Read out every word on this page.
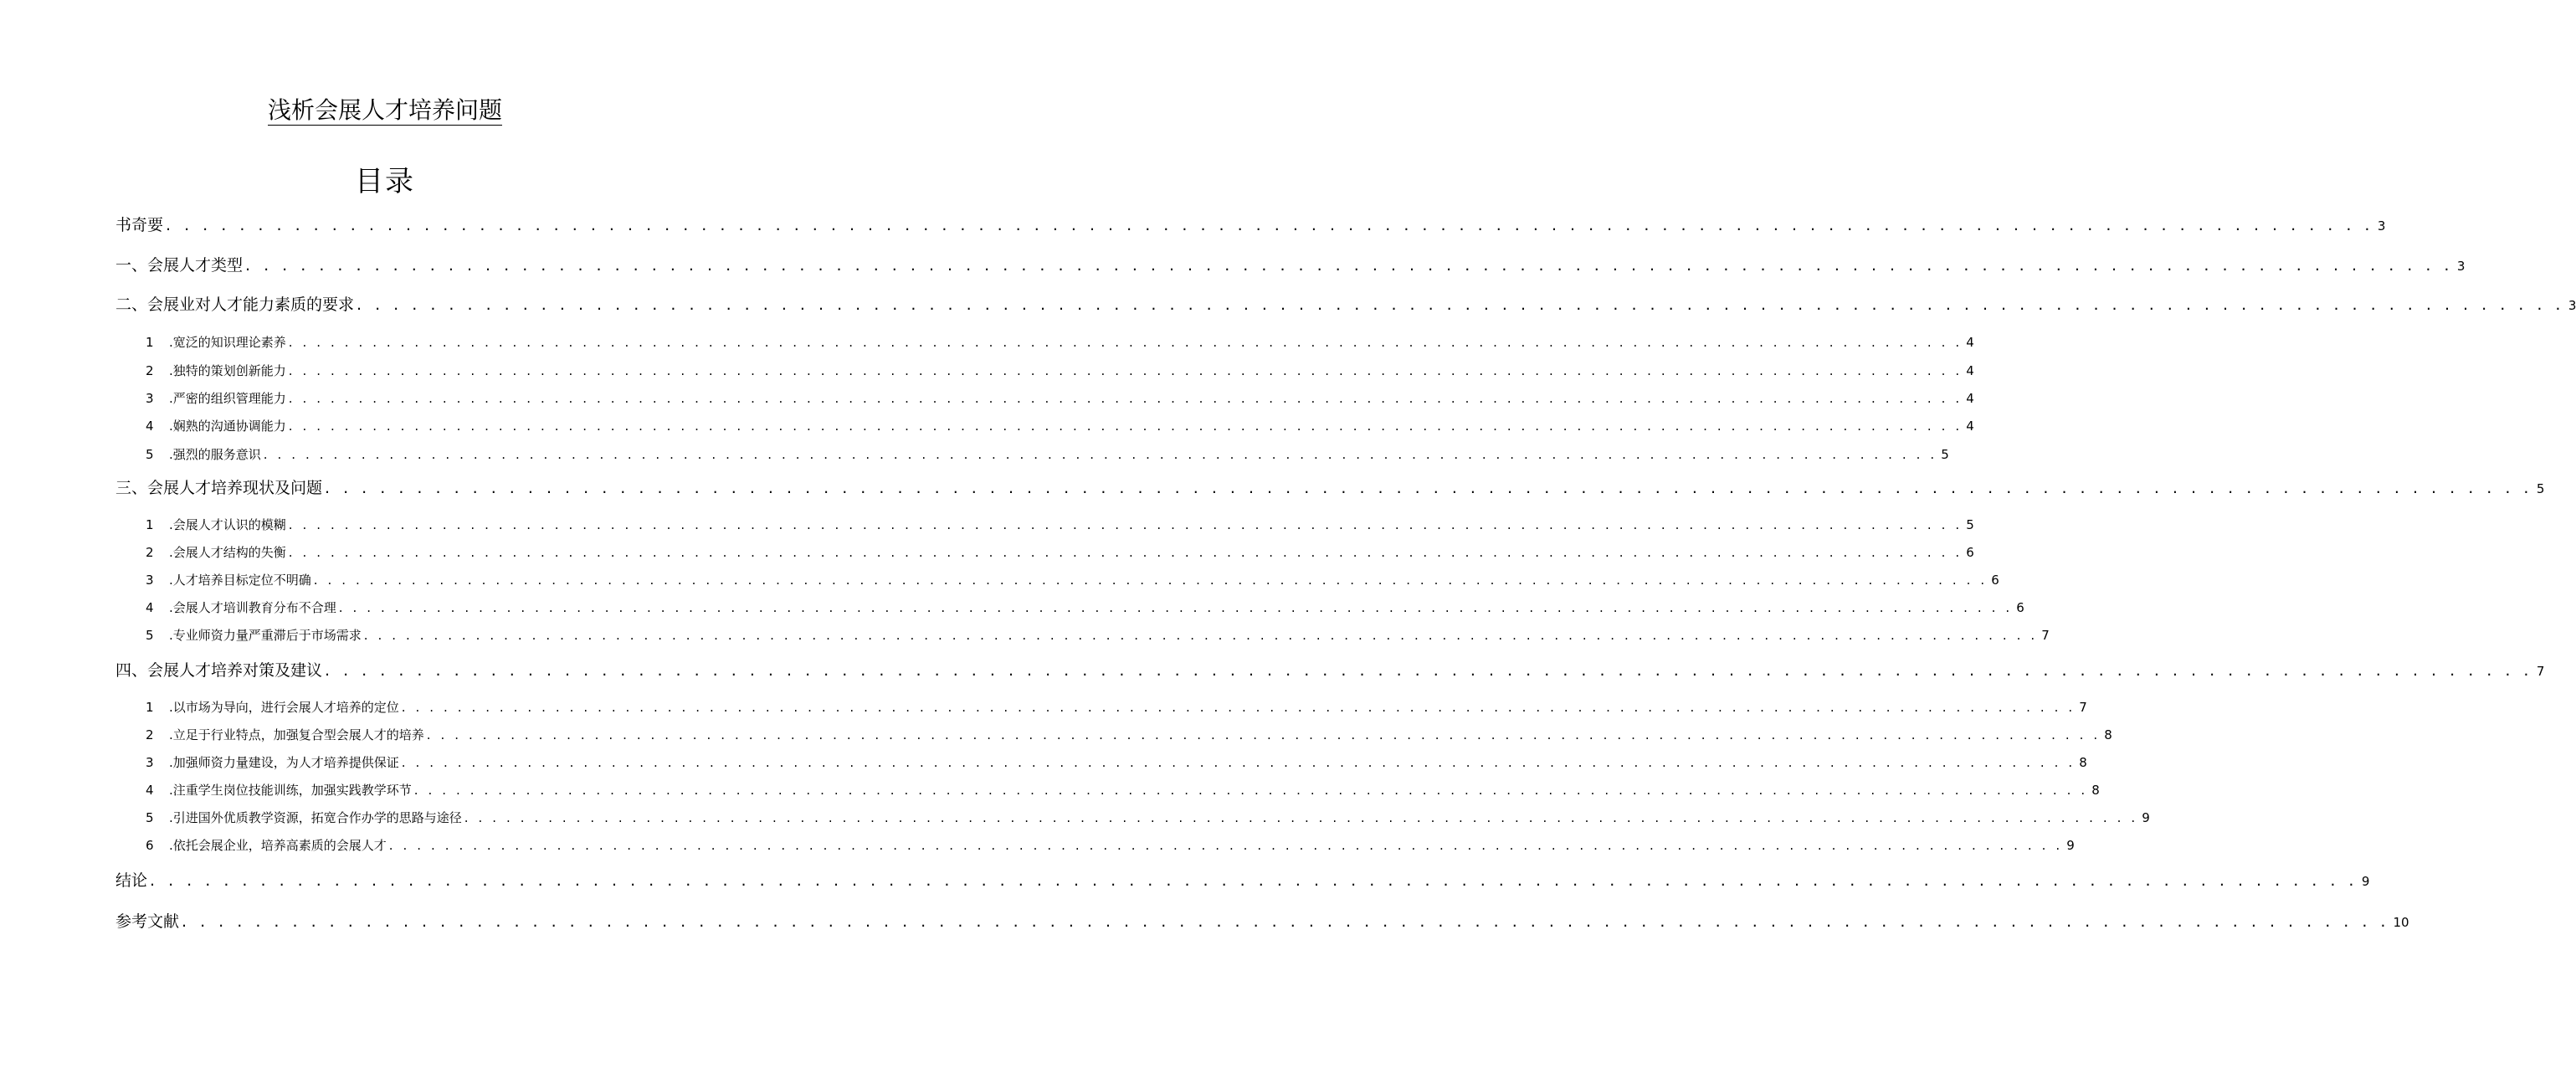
浅析会展人才培养问题
目录
书奇要 . . . . . . . . . . . . . . . . . . . . . . . . . . . . . . . . . . . . . . . . . . . . . . . . . . . . . . . . . . . . . . . . . . . . . . . . . . . . . . . . . . . . . . . . . . . . . . . . . . . . . . . . . . . . . . . . . . . . . . . . 3
一、会展人才类型 . . . . . . . . . . . . . . . . . . . . . . . . . . . . . . . . . . . . . . . . . . . . . . . . . . . . . . . . . . . . . . . . . . . . . . . . . . . . . . . . . . . . . . . . . . . . . . . . . . . . . . . . . . . . . . . . . . . . . . . . 3
二、会展业对人才能力素质的要求 . . . . . . . . . . . . . . . . . . . . . . . . . . . . . . . . . . . . . . . . . . . . . . . . . . . . . . . . . . . . . . . . . . . . . . . . . . . . . . . . . . . . . . . . . . . . . . . . . . . . . . . . . . . . . . . . . . . . . . . . 3
1	.宽泛的知识理论素养 . . . . . . . . . . . . . . . . . . . . . . . . . . . . . . . . . . . . . . . . . . . . . . . . . . . . . . . . . . . . . . . . . . . . . . . . . . . . . . . . . . . . . . . . . . . . . . . . . . . . . . . . . . . . . . . . . . . . . . . . 4
2	.独特的策划创新能力 . . . . . . . . . . . . . . . . . . . . . . . . . . . . . . . . . . . . . . . . . . . . . . . . . . . . . . . . . . . . . . . . . . . . . . . . . . . . . . . . . . . . . . . . . . . . . . . . . . . . . . . . . . . . . . . . . . . . . . . . 4
3	.严密的组织管理能力 . . . . . . . . . . . . . . . . . . . . . . . . . . . . . . . . . . . . . . . . . . . . . . . . . . . . . . . . . . . . . . . . . . . . . . . . . . . . . . . . . . . . . . . . . . . . . . . . . . . . . . . . . . . . . . . . . . . . . . . . 4
4	.娴熟的沟通协调能力 . . . . . . . . . . . . . . . . . . . . . . . . . . . . . . . . . . . . . . . . . . . . . . . . . . . . . . . . . . . . . . . . . . . . . . . . . . . . . . . . . . . . . . . . . . . . . . . . . . . . . . . . . . . . . . . . . . . . . . . . 4
5	.强烈的服务意识 . . . . . . . . . . . . . . . . . . . . . . . . . . . . . . . . . . . . . . . . . . . . . . . . . . . . . . . . . . . . . . . . . . . . . . . . . . . . . . . . . . . . . . . . . . . . . . . . . . . . . . . . . . . . . . . . . . . . . . . . 5
三、会展人才培养现状及问题 . . . . . . . . . . . . . . . . . . . . . . . . . . . . . . . . . . . . . . . . . . . . . . . . . . . . . . . . . . . . . . . . . . . . . . . . . . . . . . . . . . . . . . . . . . . . . . . . . . . . . . . . . . . . . . . . . . . . . . . . 5
1	.会展人才认识的模糊 . . . . . . . . . . . . . . . . . . . . . . . . . . . . . . . . . . . . . . . . . . . . . . . . . . . . . . . . . . . . . . . . . . . . . . . . . . . . . . . . . . . . . . . . . . . . . . . . . . . . . . . . . . . . . . . . . . . . . . . . 5
2	.会展人才结构的失衡 . . . . . . . . . . . . . . . . . . . . . . . . . . . . . . . . . . . . . . . . . . . . . . . . . . . . . . . . . . . . . . . . . . . . . . . . . . . . . . . . . . . . . . . . . . . . . . . . . . . . . . . . . . . . . . . . . . . . . . . . 6
3	.人才培养目标定位不明确 . . . . . . . . . . . . . . . . . . . . . . . . . . . . . . . . . . . . . . . . . . . . . . . . . . . . . . . . . . . . . . . . . . . . . . . . . . . . . . . . . . . . . . . . . . . . . . . . . . . . . . . . . . . . . . . . . . . . . . . . 6
4	.会展人才培训教育分布不合理 . . . . . . . . . . . . . . . . . . . . . . . . . . . . . . . . . . . . . . . . . . . . . . . . . . . . . . . . . . . . . . . . . . . . . . . . . . . . . . . . . . . . . . . . . . . . . . . . . . . . . . . . . . . . . . . . . . . . . . . . 6
5	.专业师资力量严重滞后于市场需求 . . . . . . . . . . . . . . . . . . . . . . . . . . . . . . . . . . . . . . . . . . . . . . . . . . . . . . . . . . . . . . . . . . . . . . . . . . . . . . . . . . . . . . . . . . . . . . . . . . . . . . . . . . . . . . . . . . . . . . . . 7
四、会展人才培养对策及建议 . . . . . . . . . . . . . . . . . . . . . . . . . . . . . . . . . . . . . . . . . . . . . . . . . . . . . . . . . . . . . . . . . . . . . . . . . . . . . . . . . . . . . . . . . . . . . . . . . . . . . . . . . . . . . . . . . . . . . . . . 7
1	.以市场为导向，进行会展人才培养的定位 . . . . . . . . . . . . . . . . . . . . . . . . . . . . . . . . . . . . . . . . . . . . . . . . . . . . . . . . . . . . . . . . . . . . . . . . . . . . . . . . . . . . . . . . . . . . . . . . . . . . . . . . . . . . . . . . . . . . . . . . 7
2	.立足于行业特点，加强复合型会展人才的培养 . . . . . . . . . . . . . . . . . . . . . . . . . . . . . . . . . . . . . . . . . . . . . . . . . . . . . . . . . . . . . . . . . . . . . . . . . . . . . . . . . . . . . . . . . . . . . . . . . . . . . . . . . . . . . . . . . . . . . . . . 8
3	.加强师资力量建设，为人才培养提供保证 . . . . . . . . . . . . . . . . . . . . . . . . . . . . . . . . . . . . . . . . . . . . . . . . . . . . . . . . . . . . . . . . . . . . . . . . . . . . . . . . . . . . . . . . . . . . . . . . . . . . . . . . . . . . . . . . . . . . . . . . 8
4	.注重学生岗位技能训练，加强实践教学环节 . . . . . . . . . . . . . . . . . . . . . . . . . . . . . . . . . . . . . . . . . . . . . . . . . . . . . . . . . . . . . . . . . . . . . . . . . . . . . . . . . . . . . . . . . . . . . . . . . . . . . . . . . . . . . . . . . . . . . . . . 8
5	.引进国外优质教学资源，拓宽合作办学的思路与途径 . . . . . . . . . . . . . . . . . . . . . . . . . . . . . . . . . . . . . . . . . . . . . . . . . . . . . . . . . . . . . . . . . . . . . . . . . . . . . . . . . . . . . . . . . . . . . . . . . . . . . . . . . . . . . . . . . . . . . . . . 9
6	.依托会展企业，培养高素质的会展人才 . . . . . . . . . . . . . . . . . . . . . . . . . . . . . . . . . . . . . . . . . . . . . . . . . . . . . . . . . . . . . . . . . . . . . . . . . . . . . . . . . . . . . . . . . . . . . . . . . . . . . . . . . . . . . . . . . . . . . . . . 9
结论 . . . . . . . . . . . . . . . . . . . . . . . . . . . . . . . . . . . . . . . . . . . . . . . . . . . . . . . . . . . . . . . . . . . . . . . . . . . . . . . . . . . . . . . . . . . . . . . . . . . . . . . . . . . . . . . . . . . . . . . . 9
参考文献 . . . . . . . . . . . . . . . . . . . . . . . . . . . . . . . . . . . . . . . . . . . . . . . . . . . . . . . . . . . . . . . . . . . . . . . . . . . . . . . . . . . . . . . . . . . . . . . . . . . . . . . . . . . . . . . . . . . . . . . . 10
